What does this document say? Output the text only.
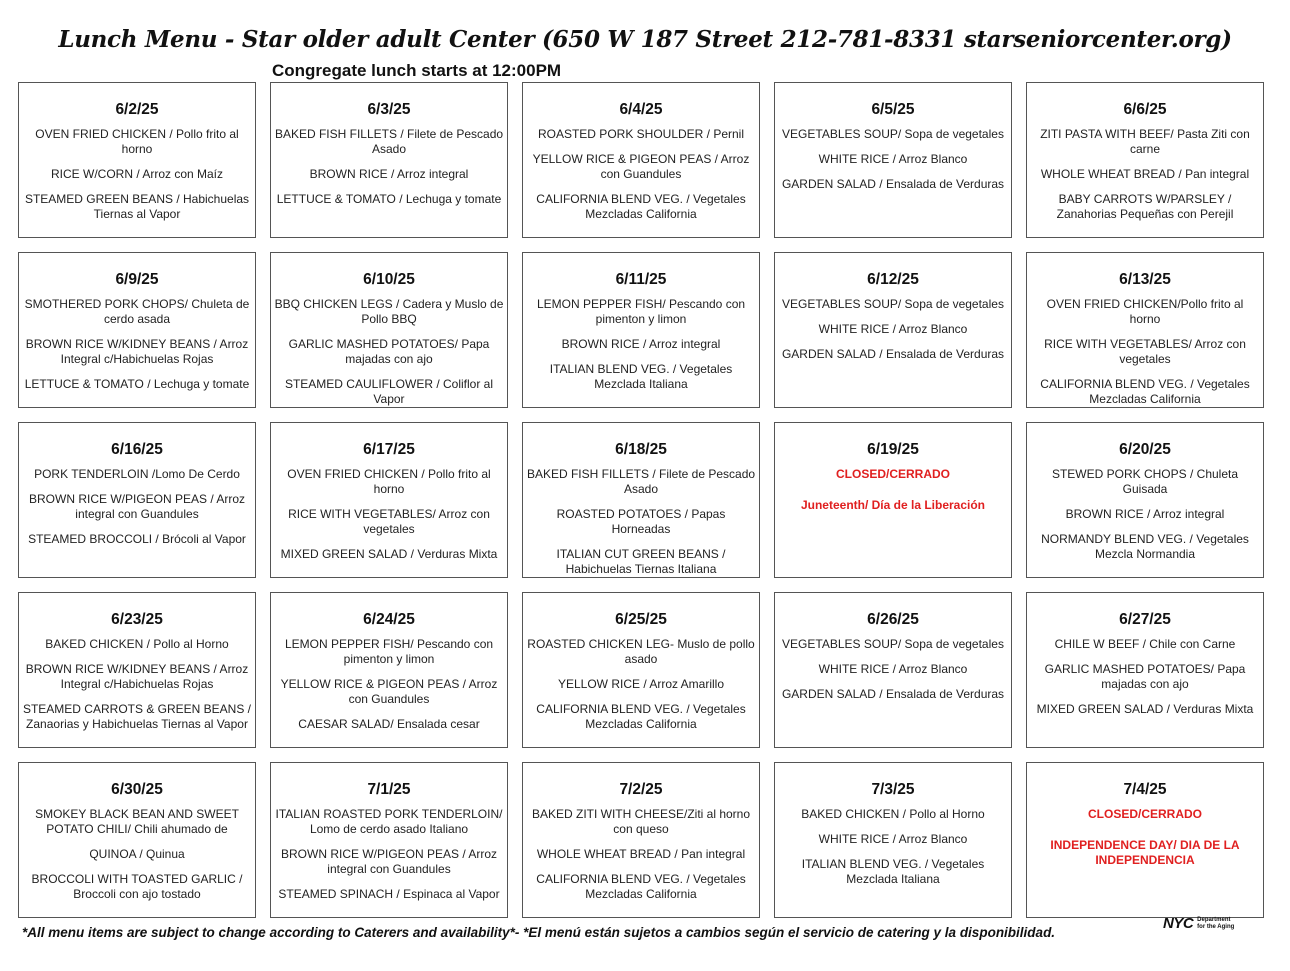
Lunch Menu - Star older adult Center (650 W 187 Street 212-781-8331 starseniorcenter.org)
Congregate lunch starts at 12:00PM
6/2/25
OVEN FRIED CHICKEN / Pollo frito al horno
RICE W/CORN / Arroz con Maíz
STEAMED GREEN BEANS / Habichuelas Tiernas al Vapor
6/3/25
BAKED FISH FILLETS / Filete de Pescado Asado
BROWN RICE / Arroz integral
LETTUCE & TOMATO / Lechuga y tomate
6/4/25
ROASTED PORK SHOULDER / Pernil
YELLOW RICE & PIGEON PEAS / Arroz con Guandules
CALIFORNIA BLEND VEG. / Vegetales Mezcladas California
6/5/25
VEGETABLES SOUP/ Sopa de vegetales
WHITE RICE / Arroz Blanco
GARDEN SALAD / Ensalada de Verduras
6/6/25
ZITI PASTA WITH BEEF/ Pasta Ziti con carne
WHOLE WHEAT BREAD / Pan integral
BABY CARROTS W/PARSLEY / Zanahorias Pequeñas con Perejil
6/9/25
SMOTHERED PORK CHOPS/ Chuleta de cerdo asada
BROWN RICE W/KIDNEY BEANS / Arroz Integral c/Habichuelas Rojas
LETTUCE & TOMATO / Lechuga y tomate
6/10/25
BBQ CHICKEN LEGS / Cadera y Muslo de Pollo BBQ
GARLIC MASHED POTATOES/ Papa majadas con ajo
STEAMED CAULIFLOWER / Coliflor al Vapor
6/11/25
LEMON PEPPER FISH/ Pescando con pimenton y limon
BROWN RICE / Arroz integral
ITALIAN BLEND VEG. / Vegetales Mezclada Italiana
6/12/25
VEGETABLES SOUP/ Sopa de vegetales
WHITE RICE / Arroz Blanco
GARDEN SALAD / Ensalada de Verduras
6/13/25
OVEN FRIED CHICKEN/Pollo frito al horno
RICE WITH VEGETABLES/ Arroz con vegetales
CALIFORNIA BLEND VEG. / Vegetales Mezcladas California
6/16/25
PORK TENDERLOIN /Lomo De Cerdo
BROWN RICE W/PIGEON PEAS / Arroz integral con Guandules
STEAMED BROCCOLI / Brócoli al Vapor
6/17/25
OVEN FRIED CHICKEN / Pollo frito al horno
RICE WITH VEGETABLES/ Arroz con vegetales
MIXED GREEN SALAD / Verduras Mixta
6/18/25
BAKED FISH FILLETS / Filete de Pescado Asado
ROASTED POTATOES / Papas Horneadas
ITALIAN CUT GREEN BEANS / Habichuelas Tiernas Italiana
6/19/25
CLOSED/CERRADO
Juneteenth/ Día de la Liberación
6/20/25
STEWED PORK CHOPS / Chuleta Guisada
BROWN RICE / Arroz integral
NORMANDY BLEND VEG. / Vegetales Mezcla Normandia
6/23/25
BAKED CHICKEN / Pollo al Horno
BROWN RICE W/KIDNEY BEANS / Arroz Integral c/Habichuelas Rojas
STEAMED CARROTS & GREEN BEANS / Zanaorias y Habichuelas Tiernas al Vapor
6/24/25
LEMON PEPPER FISH/ Pescando con pimenton y limon
YELLOW RICE & PIGEON PEAS / Arroz con Guandules
CAESAR SALAD/ Ensalada cesar
6/25/25
ROASTED CHICKEN LEG- Muslo de pollo asado
YELLOW RICE / Arroz Amarillo
CALIFORNIA BLEND VEG. / Vegetales Mezcladas California
6/26/25
VEGETABLES SOUP/ Sopa de vegetales
WHITE RICE / Arroz Blanco
GARDEN SALAD / Ensalada de Verduras
6/27/25
CHILE W BEEF / Chile con Carne
GARLIC MASHED POTATOES/ Papa majadas con ajo
MIXED GREEN SALAD / Verduras Mixta
6/30/25
SMOKEY BLACK BEAN AND SWEET POTATO CHILI/ Chili ahumado de
QUINOA / Quinua
BROCCOLI WITH TOASTED GARLIC / Broccoli con ajo tostado
7/1/25
ITALIAN ROASTED PORK TENDERLOIN/ Lomo de cerdo asado Italiano
BROWN RICE W/PIGEON PEAS / Arroz integral con Guandules
STEAMED SPINACH / Espinaca al Vapor
7/2/25
BAKED ZITI WITH CHEESE/Ziti al horno con queso
WHOLE WHEAT BREAD / Pan integral
CALIFORNIA BLEND VEG. / Vegetales Mezcladas California
7/3/25
BAKED CHICKEN / Pollo al Horno
WHITE RICE / Arroz Blanco
ITALIAN BLEND VEG. / Vegetales Mezclada Italiana
7/4/25
CLOSED/CERRADO
INDEPENDENCE DAY/ DIA DE LA INDEPENDENCIA
*All menu items are subject to change according to Caterers and availability*- *El menú están sujetos a cambios según el servicio de catering y la disponibilidad.
NYC Department for the Aging
